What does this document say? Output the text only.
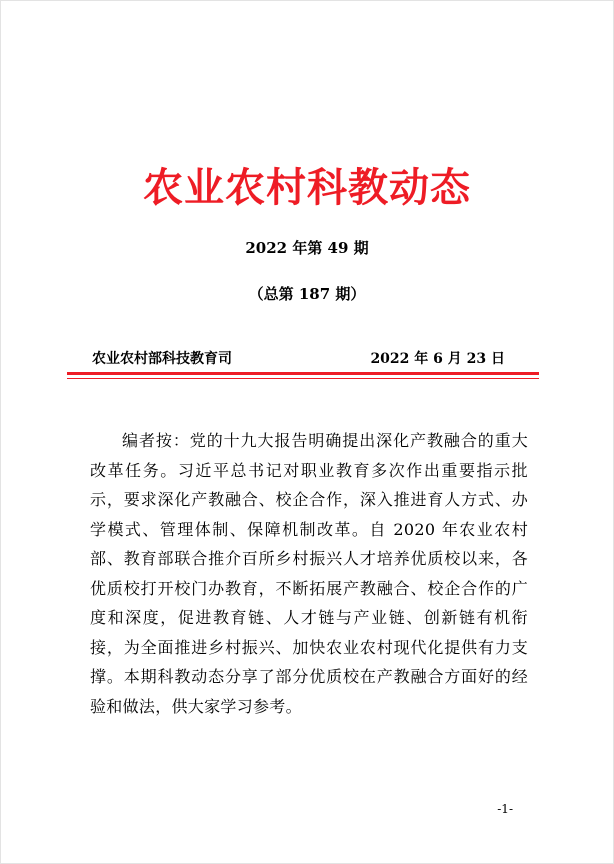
农业农村科教动态
2022 年第 49 期
（总第 187 期）
农业农村部科技教育司	2022 年 6 月 23 日

编者按：党的十九大报告明确提出深化产教融合的重大改革任务。习近平总书记对职业教育多次作出重要指示批示，要求深化产教融合、校企合作，深入推进育人方式、办学模式、管理体制、保障机制改革。自 2020 年农业农村部、教育部联合推介百所乡村振兴人才培养优质校以来，各优质校打开校门办教育，不断拓展产教融合、校企合作的广度和深度，促进教育链、人才链与产业链、创新链有机衔接，为全面推进乡村振兴、加快农业农村现代化提供有力支撑。本期科教动态分享了部分优质校在产教融合方面好的经验和做法，供大家学习参考。

-1-
